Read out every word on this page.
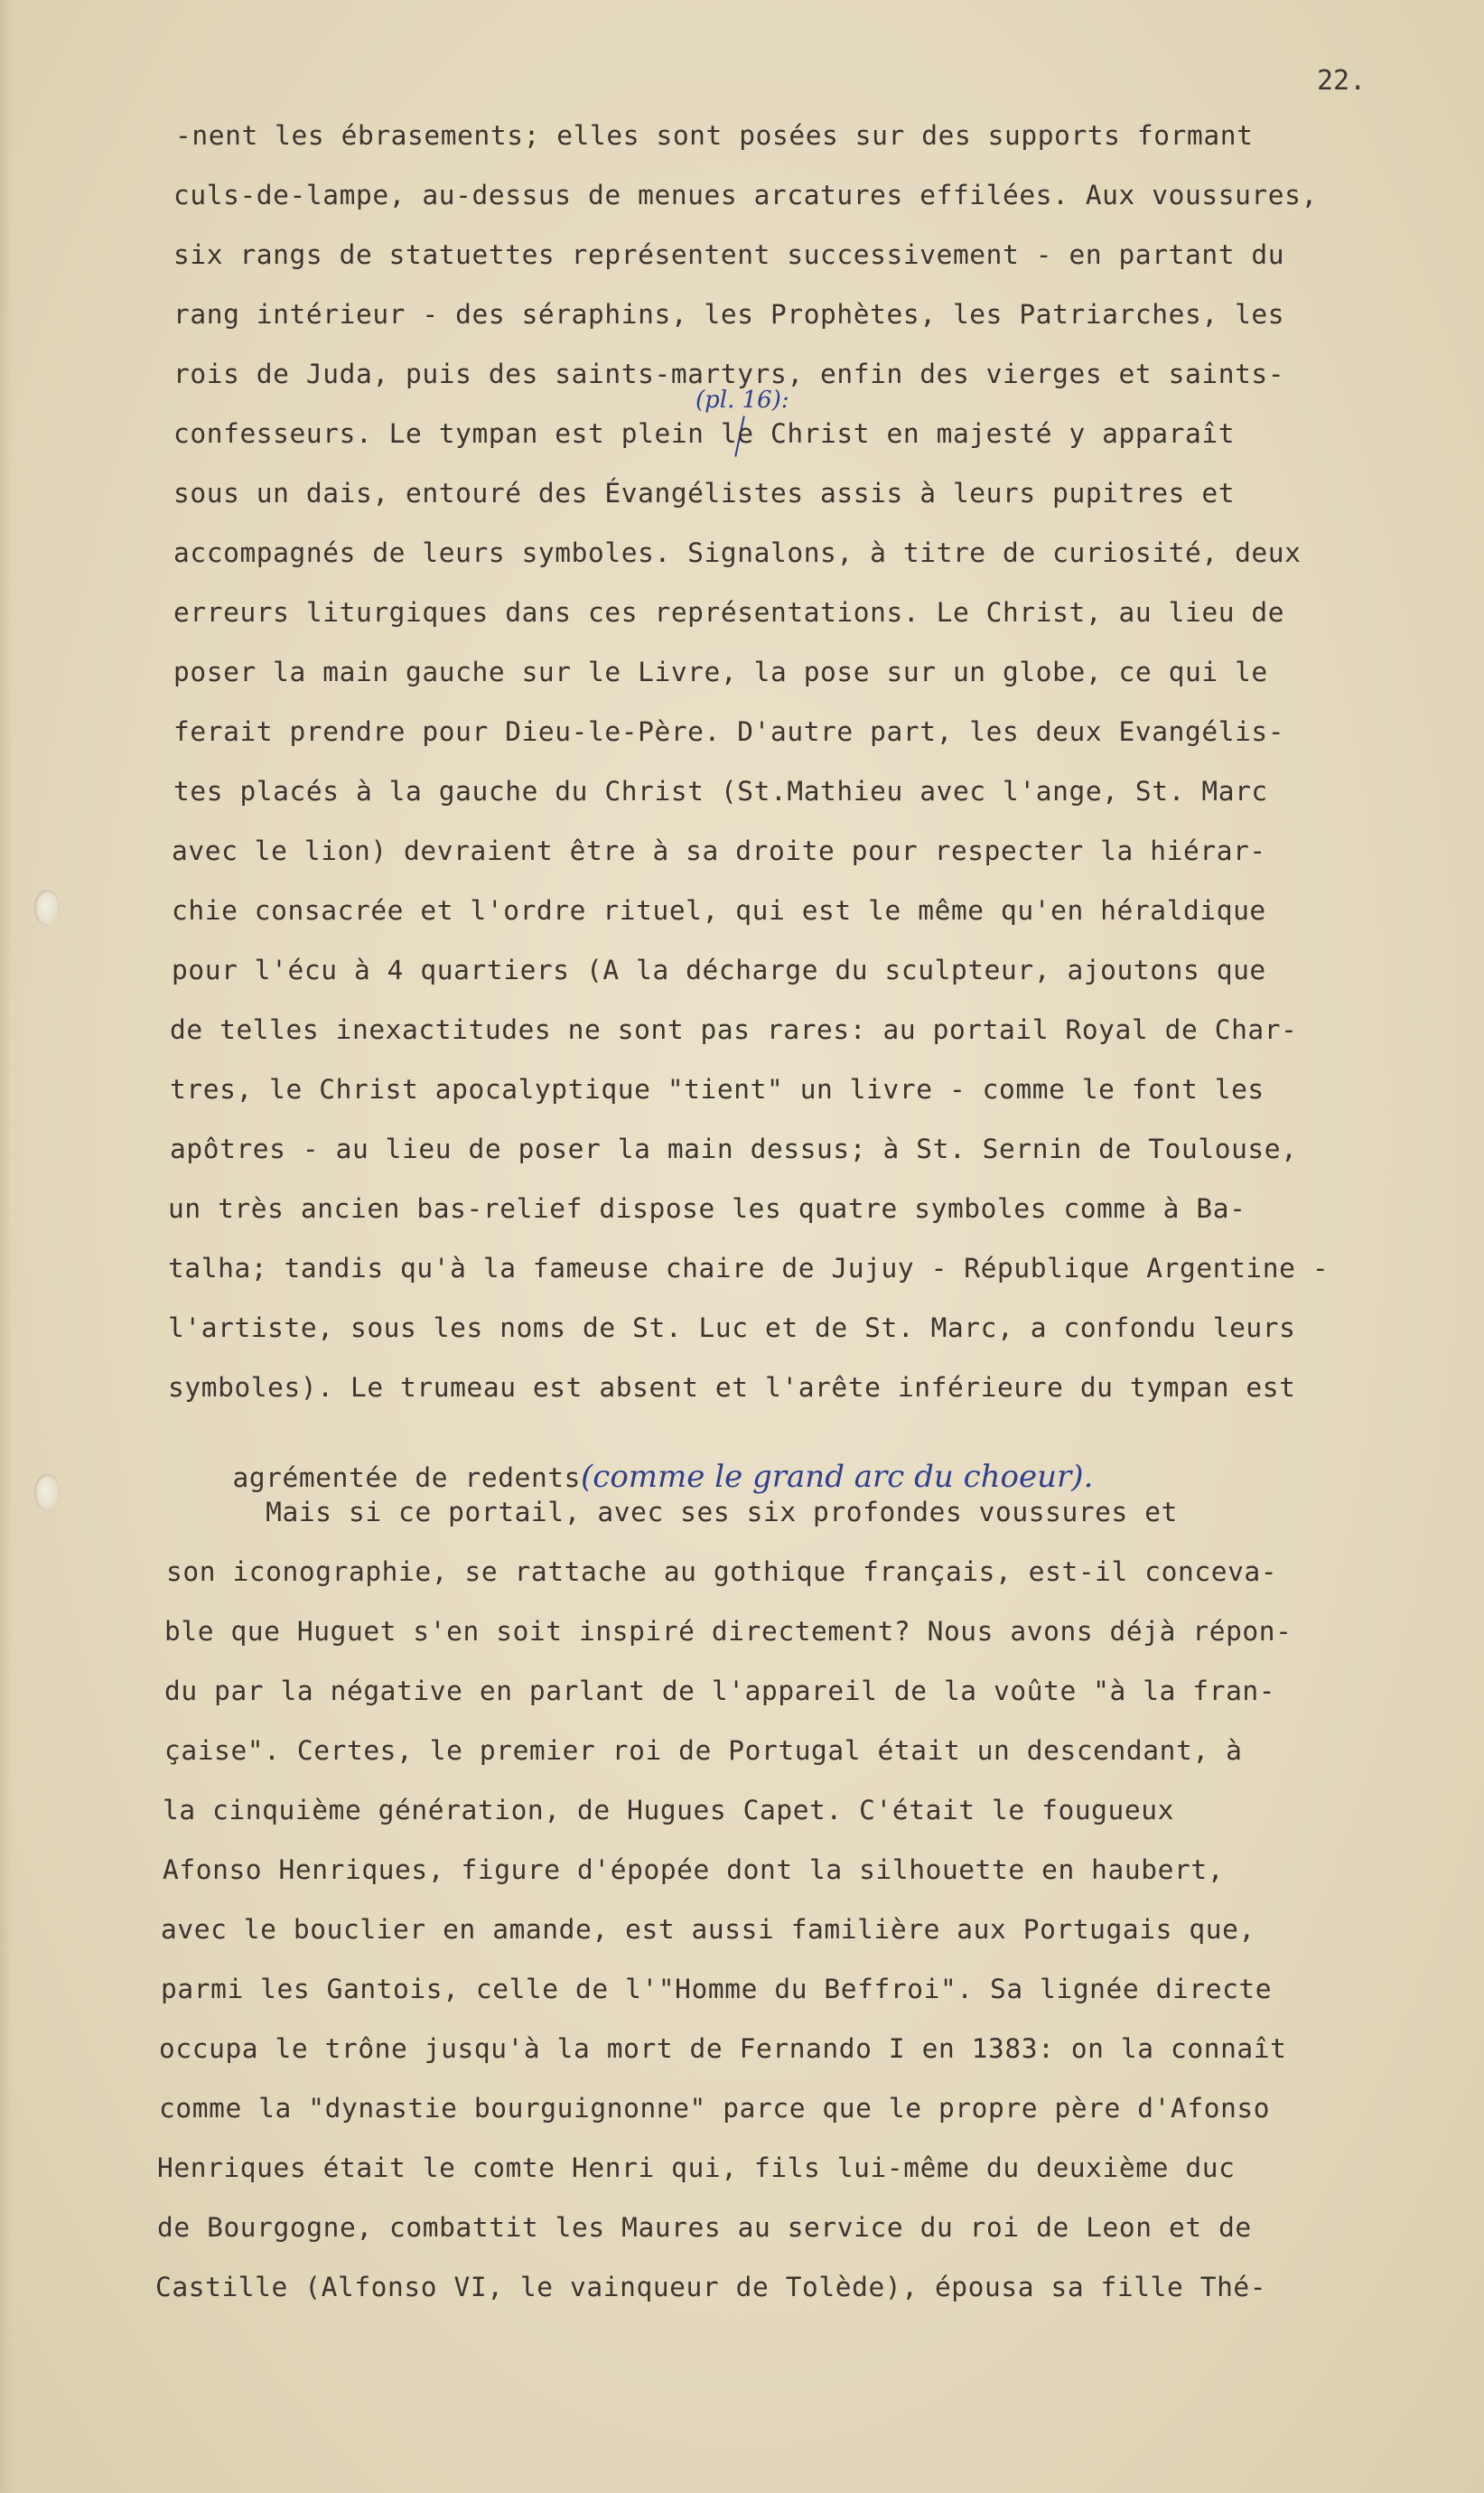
22.
-nent les ébrasements; elles sont posées sur des supports formant
culs-de-lampe, au-dessus de menues arcatures effilées. Aux voussures,
six rangs de statuettes représentent successivement - en partant du
rang intérieur - des séraphins, les Prophètes, les Patriarches, les
rois de Juda, puis des saints-martyrs, enfin des vierges et saints-
(pl. 16):
confesseurs. Le tympan est plein le Christ en majesté y apparaît
sous un dais, entouré des Évangélistes assis à leurs pupitres et
accompagnés de leurs symboles. Signalons, à titre de curiosité, deux
erreurs liturgiques dans ces représentations. Le Christ, au lieu de
poser la main gauche sur le Livre, la pose sur un globe, ce qui le
ferait prendre pour Dieu-le-Père. D'autre part, les deux Evangélis-
tes placés à la gauche du Christ (St.Mathieu avec l'ange, St. Marc
avec le lion) devraient être à sa droite pour respecter la hiérar-
chie consacrée et l'ordre rituel, qui est le même qu'en héraldique
pour l'écu à 4 quartiers (A la décharge du sculpteur, ajoutons que
de telles inexactitudes ne sont pas rares: au portail Royal de Char-
tres, le Christ apocalyptique "tient" un livre - comme le font les
apôtres - au lieu de poser la main dessus; à St. Sernin de Toulouse,
un très ancien bas-relief dispose les quatre symboles comme à Ba-
talha; tandis qu'à la fameuse chaire de Jujuy - République Argentine -
l'artiste, sous les noms de St. Luc et de St. Marc, a confondu leurs
symboles). Le trumeau est absent et l'arête inférieure du tympan est

agrémentée de redents(comme le grand arc du choeur).

Mais si ce portail, avec ses six profondes voussures et
son iconographie, se rattache au gothique français, est-il conceva-
ble que Huguet s'en soit inspiré directement? Nous avons déjà répon-
du par la négative en parlant de l'appareil de la voûte "à la fran-
çaise". Certes, le premier roi de Portugal était un descendant, à
la cinquième génération, de Hugues Capet. C'était le fougueux
Afonso Henriques, figure d'épopée dont la silhouette en haubert,
avec le bouclier en amande, est aussi familière aux Portugais que,
parmi les Gantois, celle de l'"Homme du Beffroi". Sa lignée directe
occupa le trône jusqu'à la mort de Fernando I en 1383: on la connaît
comme la "dynastie bourguignonne" parce que le propre père d'Afonso
Henriques était le comte Henri qui, fils lui-même du deuxième duc
de Bourgogne, combattit les Maures au service du roi de Leon et de
Castille (Alfonso VI, le vainqueur de Tolède), épousa sa fille Thé-
